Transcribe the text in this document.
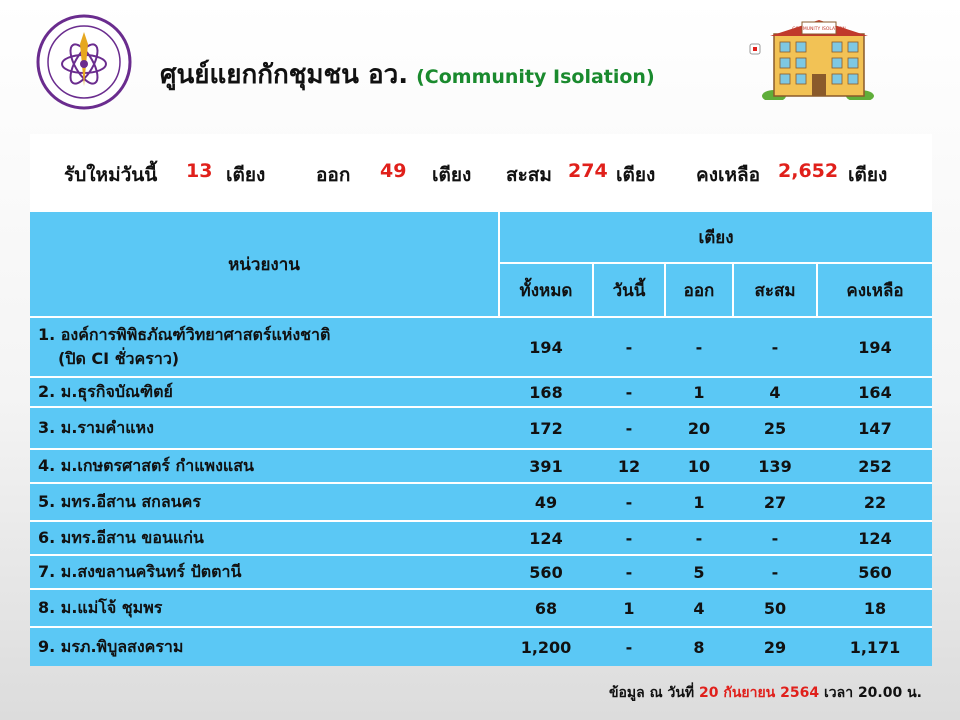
ศูนย์แยกกักชุมชน อว. (Community Isolation)
COMMUNITY ISOLATION
รับใหม่วันนี้ 13 เตียง	ออก 49 เตียง สะสม 274 เตียง คงเหลือ 2,652 เตียง
หน่วยงาน
เตียง
ทั้งหมด	วันนี้	ออก	สะสม	คงเหลือ
1. องค์การพิพิธภัณฑ์วิทยาศาสตร์แห่งชาติ
(ปิด CI ชั่วคราว)
194	-	-	-	194
2. ม.ธุรกิจบัณฑิตย์	168	-	1	4	164
3. ม.รามคำแหง	172	-	20	25	147
4. ม.เกษตรศาสตร์ กำแพงแสน	391	12	10	139	252
5. มทร.อีสาน สกลนคร	49	-	1	27	22
6. มทร.อีสาน ขอนแก่น	124	-	-	-	124
7. ม.สงขลานครินทร์ ปัตตานี	560	-	5	-	560
8. ม.แม่โจ้ ชุมพร	68	1	4	50	18
9. มรภ.พิบูลสงคราม	1,200	-	8	29	1,171
ข้อมูล ณ วันที่ 20 กันยายน 2564 เวลา 20.00 น.
